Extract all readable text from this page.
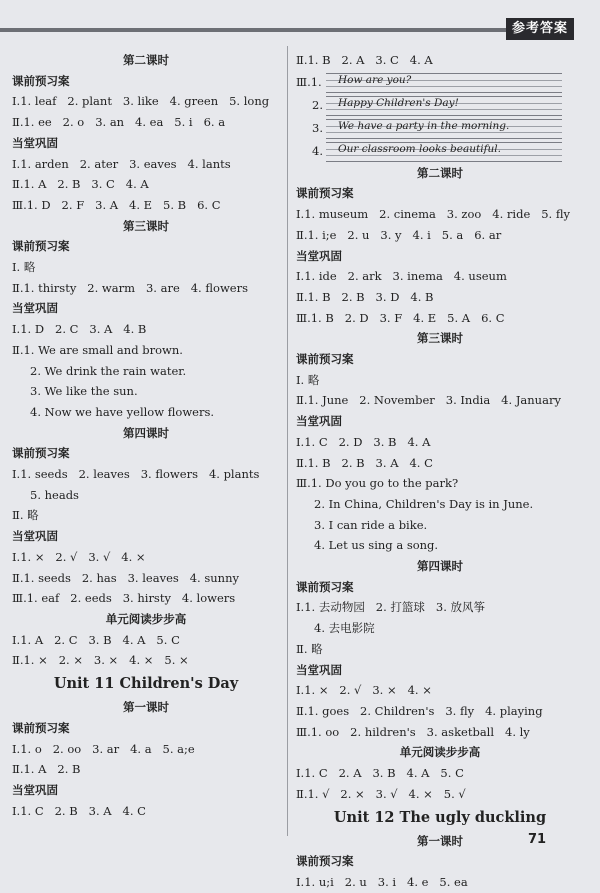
参考答案
第二课时
课前预习案
Ⅰ.1. leaf   2. plant   3. like   4. green   5. long
Ⅱ.1. ee   2. o   3. an   4. ea   5. i   6. a
当堂巩固
Ⅰ.1. arden   2. ater   3. eaves   4. lants
Ⅱ.1. A   2. B   3. C   4. A
Ⅲ.1. D   2. F   3. A   4. E   5. B   6. C
第三课时
课前预习案
Ⅰ. 略
Ⅱ.1. thirsty   2. warm   3. are   4. flowers
当堂巩固
Ⅰ.1. D   2. C   3. A   4. B
Ⅱ.1. We are small and brown.
2. We drink the rain water.
3. We like the sun.
4. Now we have yellow flowers.
第四课时
课前预习案
Ⅰ.1. seeds   2. leaves   3. flowers   4. plants
5. heads
Ⅱ. 略
当堂巩固
Ⅰ.1. ×   2. √   3. √   4. ×
Ⅱ.1. seeds   2. has   3. leaves   4. sunny
Ⅲ.1. eaf   2. eeds   3. hirsty   4. lowers
单元阅读步步高
Ⅰ.1. A   2. C   3. B   4. A   5. C
Ⅱ.1. ×   2. ×   3. ×   4. ×   5. ×
Unit 11 Children's Day
第一课时
课前预习案
Ⅰ.1. o   2. oo   3. ar   4. a   5. a;e
Ⅱ.1. A   2. B
当堂巩固
Ⅰ.1. C   2. B   3. A   4. C
Ⅱ.1. B   2. A   3. C   4. A
Ⅲ.1. How are you?
2. Happy Children's Day!
3. We have a party in the morning.
4. Our classroom looks beautiful.
第二课时
课前预习案
Ⅰ.1. museum   2. cinema   3. zoo   4. ride   5. fly
Ⅱ.1. i;e   2. u   3. y   4. i   5. a   6. ar
当堂巩固
Ⅰ.1. ide   2. ark   3. inema   4. useum
Ⅱ.1. B   2. B   3. D   4. B
Ⅲ.1. B   2. D   3. F   4. E   5. A   6. C
第三课时
课前预习案
Ⅰ. 略
Ⅱ.1. June   2. November   3. India   4. January
当堂巩固
Ⅰ.1. C   2. D   3. B   4. A
Ⅱ.1. B   2. B   3. A   4. C
Ⅲ.1. Do you go to the park?
2. In China, Children's Day is in June.
3. I can ride a bike.
4. Let us sing a song.
第四课时
课前预习案
Ⅰ.1. 去动物园   2. 打篮球   3. 放风筝
4. 去电影院
Ⅱ. 略
当堂巩固
Ⅰ.1. ×   2. √   3. ×   4. ×
Ⅱ.1. goes   2. Children's   3. fly   4. playing
Ⅲ.1. oo   2. hildren's   3. asketball   4. ly
单元阅读步步高
Ⅰ.1. C   2. A   3. B   4. A   5. C
Ⅱ.1. √   2. ×   3. √   4. ×   5. √
Unit 12 The ugly duckling
第一课时
课前预习案
Ⅰ.1. u;i   2. u   3. i   4. e   5. ea
71
